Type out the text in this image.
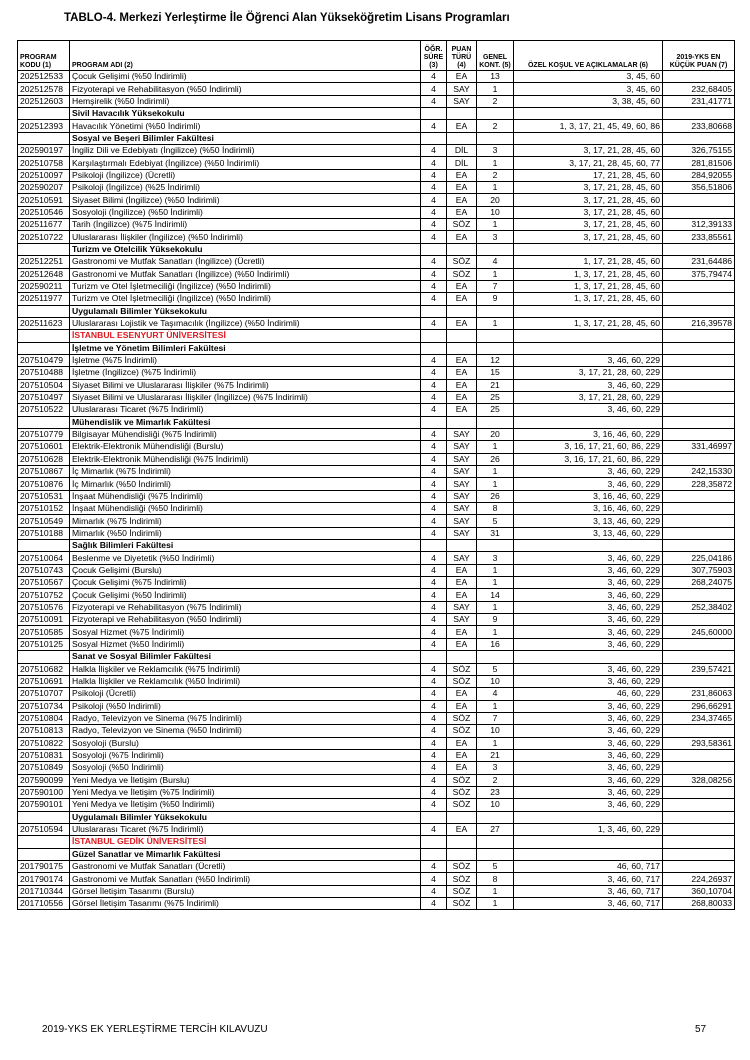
TABLO-4. Merkezi Yerleştirme İle Öğrenci Alan Yükseköğretim Lisans Programları
PROGRAM KODU (1)	PROGRAM ADI (2)	ÖĞR. SÜRE (3)	PUAN TÜRÜ (4)	GENEL KONT. (5)	ÖZEL KOŞUL VE AÇIKLAMALAR (6)	2019-YKS EN KÜÇÜK PUAN (7)
202512533	Çocuk Gelişimi (%50 İndirimli)	4	EA	13	3, 45, 60	
202512578	Fizyoterapi ve Rehabilitasyon (%50 İndirimli)	4	SAY	1	3, 45, 60	232,68405
202512603	Hemşirelik (%50 İndirimli)	4	SAY	2	3, 38, 45, 60	231,41771
	Sivil Havacılık Yüksekokulu					
202512393	Havacılık Yönetimi (%50 İndirimli)	4	EA	2	1, 3, 17, 21, 45, 49, 60, 86	233,80668
	Sosyal ve Beşeri Bilimler Fakültesi					
202590197	İngiliz Dili ve Edebiyatı (İngilizce) (%50 İndirimli)	4	DİL	3	3, 17, 21, 28, 45, 60	326,75155
202510758	Karşılaştırmalı Edebiyat (İngilizce) (%50 İndirimli)	4	DİL	1	3, 17, 21, 28, 45, 60, 77	281,81506
202510097	Psikoloji (İngilizce) (Ücretli)	4	EA	2	17, 21, 28, 45, 60	284,92055
202590207	Psikoloji (İngilizce) (%25 İndirimli)	4	EA	1	3, 17, 21, 28, 45, 60	356,51806
202510591	Siyaset Bilimi (İngilizce) (%50 İndirimli)	4	EA	20	3, 17, 21, 28, 45, 60	
202510546	Sosyoloji (İngilizce) (%50 İndirimli)	4	EA	10	3, 17, 21, 28, 45, 60	
202511677	Tarih (İngilizce) (%75 İndirimli)	4	SÖZ	1	3, 17, 21, 28, 45, 60	312,39133
202510722	Uluslararası İlişkiler (İngilizce) (%50 İndirimli)	4	EA	3	3, 17, 21, 28, 45, 60	233,85561
	Turizm ve Otelcilik Yüksekokulu					
202512251	Gastronomi ve Mutfak Sanatları (İngilizce) (Ücretli)	4	SÖZ	4	1, 17, 21, 28, 45, 60	231,64486
202512648	Gastronomi ve Mutfak Sanatları (İngilizce) (%50 İndirimli)	4	SÖZ	1	1, 3, 17, 21, 28, 45, 60	375,79474
202590211	Turizm ve Otel İşletmeciliği (İngilizce) (%50 İndirimli)	4	EA	7	1, 3, 17, 21, 28, 45, 60	
202511977	Turizm ve Otel İşletmeciliği (İngilizce) (%50 İndirimli)	4	EA	9	1, 3, 17, 21, 28, 45, 60	
	Uygulamalı Bilimler Yüksekokulu					
202511623	Uluslararası Lojistik ve Taşımacılık (İngilizce) (%50 İndirimli)	4	EA	1	1, 3, 17, 21, 28, 45, 60	216,39578
	İSTANBUL ESENYURT ÜNİVERSİTESİ					
	İşletme ve Yönetim Bilimleri Fakültesi					
207510479	İşletme (%75 İndirimli)	4	EA	12	3, 46, 60, 229	
207510488	İşletme (İngilizce) (%75 İndirimli)	4	EA	15	3, 17, 21, 28, 60, 229	
207510504	Siyaset Bilimi ve Uluslararası İlişkiler (%75 İndirimli)	4	EA	21	3, 46, 60, 229	
207510497	Siyaset Bilimi ve Uluslararası İlişkiler (İngilizce) (%75 İndirimli)	4	EA	25	3, 17, 21, 28, 60, 229	
207510522	Uluslararası Ticaret (%75 İndirimli)	4	EA	25	3, 46, 60, 229	
	Mühendislik ve Mimarlık Fakültesi					
207510779	Bilgisayar Mühendisliği (%75 İndirimli)	4	SAY	20	3, 16, 46, 60, 229	
207510601	Elektrik-Elektronik Mühendisliği (Burslu)	4	SAY	1	3, 16, 17, 21, 60, 86, 229	331,46997
207510628	Elektrik-Elektronik Mühendisliği (%75 İndirimli)	4	SAY	26	3, 16, 17, 21, 60, 86, 229	
207510867	İç Mimarlık (%75 İndirimli)	4	SAY	1	3, 46, 60, 229	242,15330
207510876	İç Mimarlık (%50 İndirimli)	4	SAY	1	3, 46, 60, 229	228,35872
207510531	İnşaat Mühendisliği (%75 İndirimli)	4	SAY	26	3, 16, 46, 60, 229	
207510152	İnşaat Mühendisliği (%50 İndirimli)	4	SAY	8	3, 16, 46, 60, 229	
207510549	Mimarlık (%75 İndirimli)	4	SAY	5	3, 13, 46, 60, 229	
207510188	Mimarlık (%50 İndirimli)	4	SAY	31	3, 13, 46, 60, 229	
	Sağlık Bilimleri Fakültesi					
207510064	Beslenme ve Diyetetik (%50 İndirimli)	4	SAY	3	3, 46, 60, 229	225,04186
207510743	Çocuk Gelişimi (Burslu)	4	EA	1	3, 46, 60, 229	307,75903
207510567	Çocuk Gelişimi (%75 İndirimli)	4	EA	1	3, 46, 60, 229	268,24075
207510752	Çocuk Gelişimi (%50 İndirimli)	4	EA	14	3, 46, 60, 229	
207510576	Fizyoterapi ve Rehabilitasyon (%75 İndirimli)	4	SAY	1	3, 46, 60, 229	252,38402
207510091	Fizyoterapi ve Rehabilitasyon (%50 İndirimli)	4	SAY	9	3, 46, 60, 229	
207510585	Sosyal Hizmet (%75 İndirimli)	4	EA	1	3, 46, 60, 229	245,60000
207510125	Sosyal Hizmet (%50 İndirimli)	4	EA	16	3, 46, 60, 229	
	Sanat ve Sosyal Bilimler Fakültesi					
207510682	Halkla İlişkiler ve Reklamcılık (%75 İndirimli)	4	SÖZ	5	3, 46, 60, 229	239,57421
207510691	Halkla İlişkiler ve Reklamcılık (%50 İndirimli)	4	SÖZ	10	3, 46, 60, 229	
207510707	Psikoloji (Ücretli)	4	EA	4	46, 60, 229	231,86063
207510734	Psikoloji (%50 İndirimli)	4	EA	1	3, 46, 60, 229	296,66291
207510804	Radyo, Televizyon ve Sinema (%75 İndirimli)	4	SÖZ	7	3, 46, 60, 229	234,37465
207510813	Radyo, Televizyon ve Sinema (%50 İndirimli)	4	SÖZ	10	3, 46, 60, 229	
207510822	Sosyoloji (Burslu)	4	EA	1	3, 46, 60, 229	293,58361
207510831	Sosyoloji (%75 İndirimli)	4	EA	21	3, 46, 60, 229	
207510849	Sosyoloji (%50 İndirimli)	4	EA	3	3, 46, 60, 229	
207590099	Yeni Medya ve İletişim (Burslu)	4	SÖZ	2	3, 46, 60, 229	328,08256
207590100	Yeni Medya ve İletişim (%75 İndirimli)	4	SÖZ	23	3, 46, 60, 229	
207590101	Yeni Medya ve İletişim (%50 İndirimli)	4	SÖZ	10	3, 46, 60, 229	
	Uygulamalı Bilimler Yüksekokulu					
207510594	Uluslararası Ticaret (%75 İndirimli)	4	EA	27	1, 3, 46, 60, 229	
	İSTANBUL GEDİK ÜNİVERSİTESİ					
	Güzel Sanatlar ve Mimarlık Fakültesi					
201790175	Gastronomi ve Mutfak Sanatları (Ücretli)	4	SÖZ	5	46, 60, 717	
201790174	Gastronomi ve Mutfak Sanatları (%50 İndirimli)	4	SÖZ	8	3, 46, 60, 717	224,26937
201710344	Görsel İletişim Tasarımı (Burslu)	4	SÖZ	1	3, 46, 60, 717	360,10704
201710556	Görsel İletişim Tasarımı (%75 İndirimli)	4	SÖZ	1	3, 46, 60, 717	268,80033
2019-YKS EK YERLEŞTİRME TERCİH KILAVUZU	57
